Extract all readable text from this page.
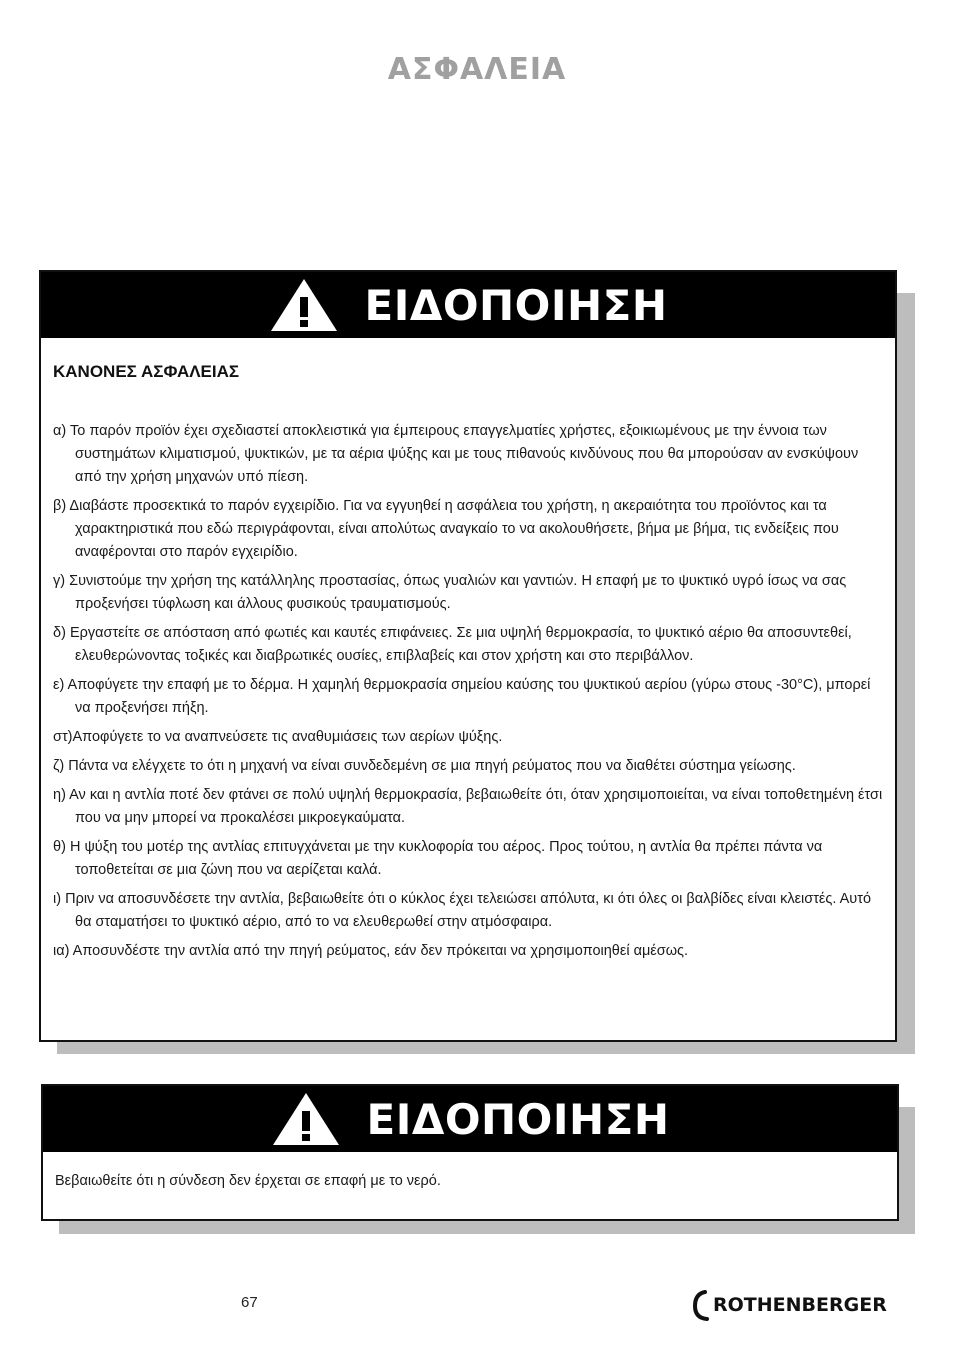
ΑΣΦΑΛΕΙΑ
ΕΙΔΟΠΟΙΗΣΗ
ΚΑΝΟΝΕΣ ΑΣΦΑΛΕΙΑΣ
α) Το παρόν προϊόν έχει σχεδιαστεί αποκλειστικά για έμπειρους επαγγελματίες χρήστες, εξοικιωμένους με την έννοια των συστημάτων κλιματισμού, ψυκτικών, με τα αέρια ψύξης και με τους πιθανούς κινδύνους που θα μπορούσαν αν ενσκύψουν από την χρήση μηχανών υπό πίεση.
β) Διαβάστε προσεκτικά το παρόν εγχειρίδιο. Για να εγγυηθεί η ασφάλεια του χρήστη, η ακεραιότητα του προϊόντος και τα χαρακτηριστικά που εδώ περιγράφονται, είναι απολύτως αναγκαίο το να ακολουθήσετε, βήμα με βήμα, τις ενδείξεις που αναφέρονται στο παρόν εγχειρίδιο.
γ) Συνιστούμε την χρήση της κατάλληλης προστασίας, όπως γυαλιών και γαντιών. Η επαφή με το ψυκτικό υγρό ίσως να σας προξενήσει τύφλωση και άλλους φυσικούς τραυματισμούς.
δ) Εργαστείτε σε απόσταση από φωτιές και καυτές επιφάνειες. Σε μια υψηλή θερμοκρασία, το ψυκτικό αέριο θα αποσυντεθεί, ελευθερώνοντας τοξικές και διαβρωτικές ουσίες, επιβλαβείς και στον χρήστη και στο περιβάλλον.
ε) Αποφύγετε την επαφή με το δέρμα. Η χαμηλή θερμοκρασία σημείου καύσης του ψυκτικού αερίου (γύρω στους -30°C), μπορεί να προξενήσει πήξη.
στ)Αποφύγετε το να αναπνεύσετε τις αναθυμιάσεις των αερίων ψύξης.
ζ) Πάντα να ελέγχετε το ότι η μηχανή να είναι συνδεδεμένη σε μια πηγή ρεύματος που να διαθέτει σύστημα γείωσης.
η) Αν και η αντλία ποτέ δεν φτάνει σε πολύ υψηλή θερμοκρασία, βεβαιωθείτε ότι, όταν χρησιμοποιείται, να είναι τοποθετημένη έτσι που να μην μπορεί να προκαλέσει μικροεγκαύματα.
θ) Η ψύξη του μοτέρ της αντλίας επιτυγχάνεται με την κυκλοφορία του αέρος. Προς τούτου, η αντλία θα πρέπει πάντα να τοποθετείται σε μια ζώνη που να αερίζεται καλά.
ι) Πριν να αποσυνδέσετε την αντλία, βεβαιωθείτε ότι ο κύκλος έχει τελειώσει απόλυτα, κι ότι όλες οι βαλβίδες είναι κλειστές. Αυτό θα σταματήσει το ψυκτικό αέριο, από το να ελευθερωθεί στην ατμόσφαιρα.
ια) Αποσυνδέστε την αντλία από την πηγή ρεύματος, εάν δεν πρόκειται να χρησιμοποιηθεί αμέσως.
ΕΙΔΟΠΟΙΗΣΗ
Βεβαιωθείτε ότι η σύνδεση δεν έρχεται σε επαφή με το νερό.
67	ROTHENBERGER
